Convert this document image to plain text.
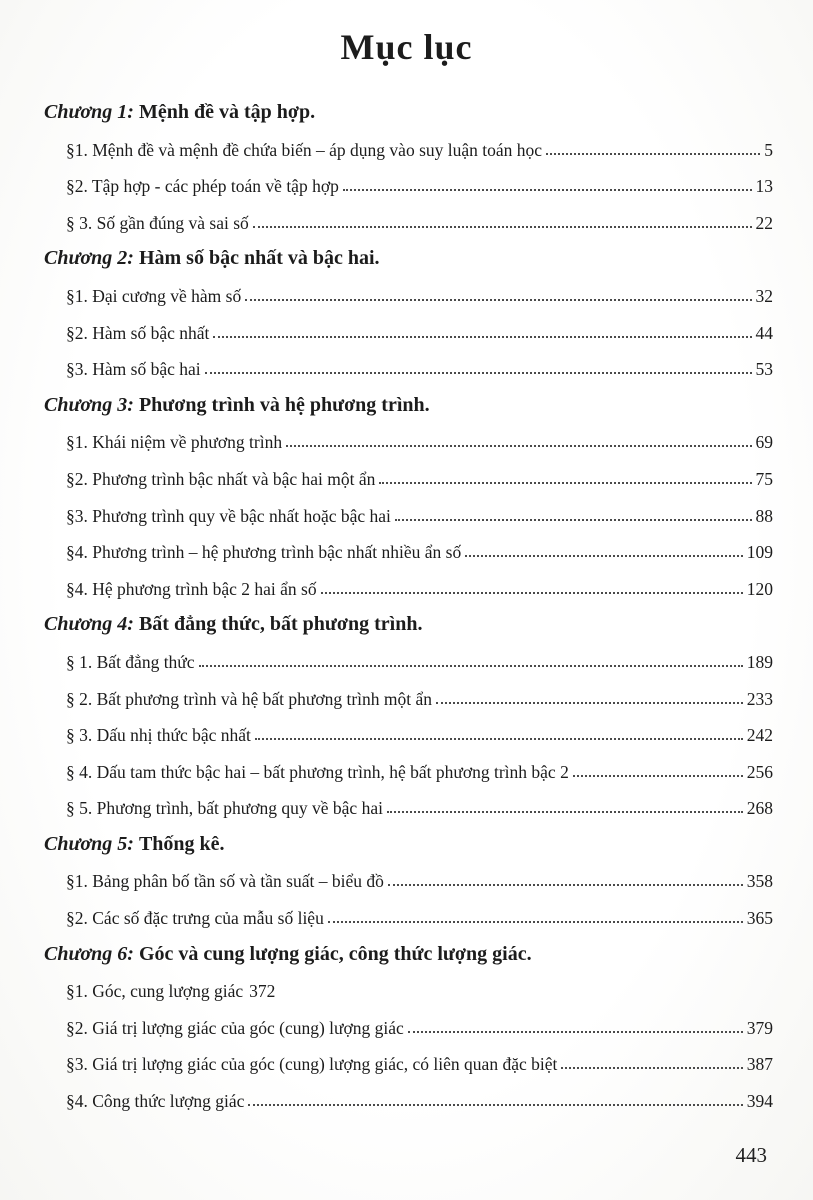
Mục lục
Chương 1: Mệnh đề và tập hợp.
§1. Mệnh đề và mệnh đề chứa biến – áp dụng vào suy luận toán học	5
§2. Tập hợp - các phép toán về tập hợp	13
§ 3. Số gần đúng và sai số	22
Chương 2: Hàm số bậc nhất và bậc hai.
§1. Đại cương về hàm số	32
§2. Hàm số bậc nhất	44
§3. Hàm số bậc hai	53
Chương 3: Phương trình và hệ phương trình.
§1. Khái niệm về phương trình	69
§2. Phương trình bậc nhất và bậc hai một ẩn	75
§3. Phương trình quy về bậc nhất hoặc bậc hai	88
§4. Phương trình – hệ phương trình bậc nhất nhiều ẩn số	109
§4. Hệ phương trình bậc 2 hai ẩn số	120
Chương 4: Bất đẳng thức, bất phương trình.
§ 1. Bất đẳng thức	189
§ 2. Bất phương trình và hệ bất phương trình một ẩn	233
§ 3. Dấu nhị thức bậc nhất	242
§ 4. Dấu tam thức bậc hai – bất phương trình, hệ bất phương trình bậc 2	256
§ 5. Phương trình, bất phương quy về bậc hai	268
Chương 5: Thống kê.
§1. Bảng phân bố tần số và tần suất – biểu đồ	358
§2. Các số đặc trưng của mẫu số liệu	365
Chương 6: Góc và cung lượng giác, công thức lượng giác.
§1. Góc, cung lượng giác 372
§2. Giá trị lượng giác của góc (cung) lượng giác	379
§3. Giá trị lượng giác của góc (cung) lượng giác, có liên quan đặc biệt	387
§4. Công thức lượng giác	394
443
